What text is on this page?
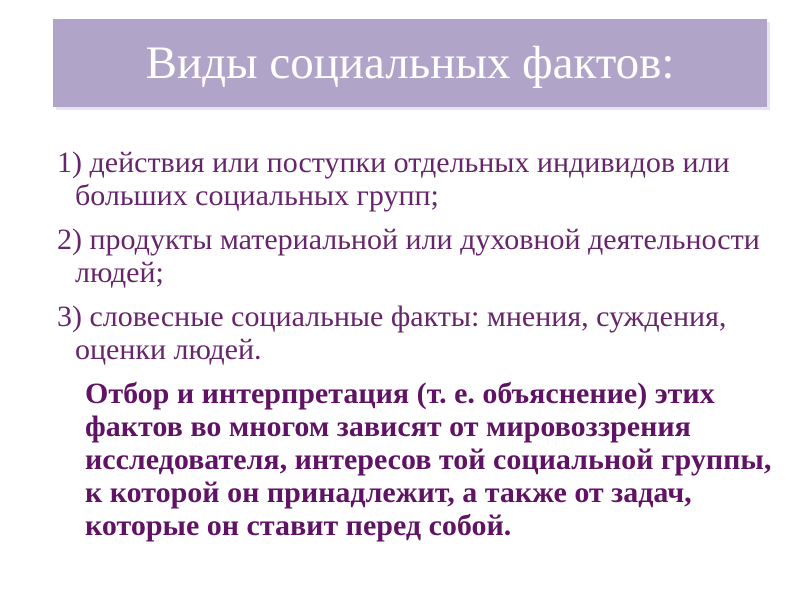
Виды социальных фактов:
1) действия или поступки отдельных индивидов или
больших социальных групп;
2) продукты материальной или духовной деятельности
людей;
3) словесные социальные факты: мнения, суждения,
оценки людей.
Отбор и интерпретация (т. е. объяснение) этих
фактов во многом зависят от мировоззрения
исследователя, интересов той социальной группы,
к которой он принадлежит, а также от задач,
которые он ставит перед собой.
